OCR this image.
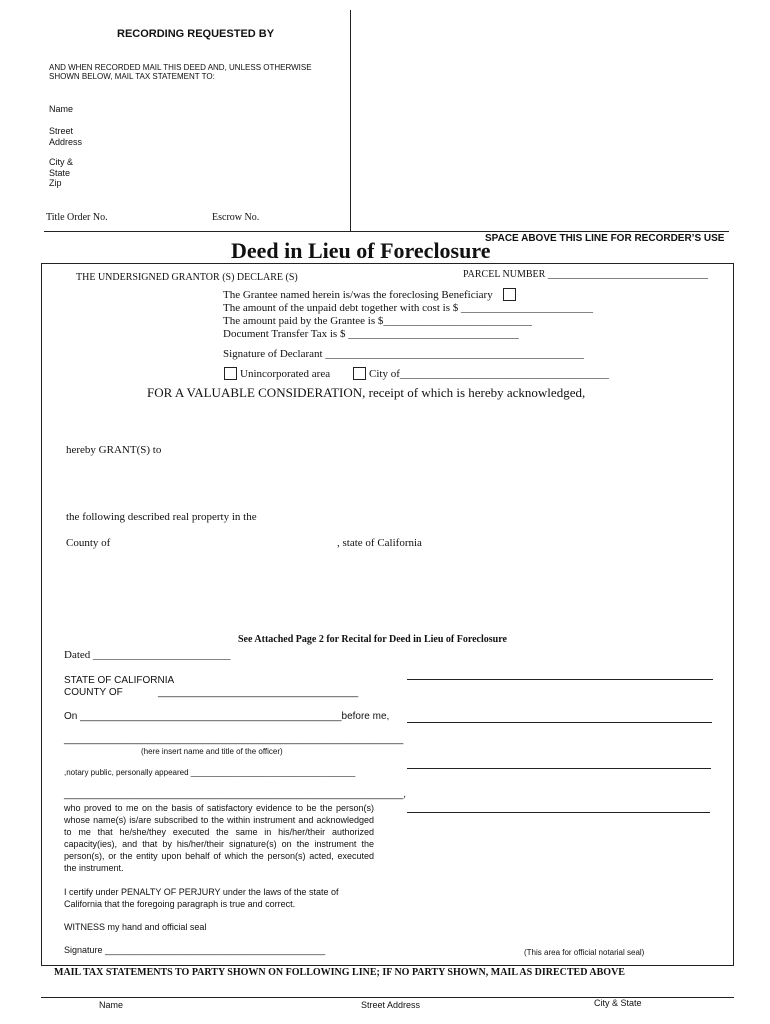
RECORDING REQUESTED BY
AND WHEN RECORDED MAIL THIS DEED AND, UNLESS OTHERWISE
SHOWN BELOW, MAIL TAX STATEMENT TO:
Name
Street
Address
City &
State
Zip
Title Order No.	Escrow No.
SPACE ABOVE THIS LINE FOR RECORDER’S USE
Deed in Lieu of Foreclosure
THE UNDERSIGNED GRANTOR (S) DECLARE (S)	PARCEL NUMBER ________________________________
The Grantee named herein is/was the foreclosing Beneficiary
The amount of the unpaid debt together with cost is $ ________________________
The amount paid by the Grantee is $___________________________
Document Transfer Tax is $ _______________________________
Signature of Declarant _______________________________________________
Unincorporated area	City of______________________________________
FOR A VALUABLE CONSIDERATION, receipt of which is hereby acknowledged,
hereby GRANT(S) to
the following described real property in the
County of	, state of California
See Attached Page 2 for Recital for Deed in Lieu of Foreclosure
Dated _________________________
STATE OF CALIFORNIA
COUNTY OF	____________________________________
On _______________________________________________before me,
_____________________________________________________________
(here insert name and title of the officer)
,notary public, personally appeared _____________________________________
_____________________________________________________________,
who proved to me on the basis of satisfactory evidence to be the person(s) whose name(s) is/are subscribed to the within instrument and acknowledged to me that he/she/they executed the same in his/her/their authorized capacity(ies), and that by his/her/their signature(s) on the instrument the person(s), or the entity upon behalf of which the person(s) acted, executed the instrument.
I certify under PENALTY OF PERJURY under the laws of the state of California that the foregoing paragraph is true and correct.
WITNESS my hand and official seal
Signature ____________________________________________	(This area for official notarial seal)
MAIL TAX STATEMENTS TO PARTY SHOWN ON FOLLOWING LINE; IF NO PARTY SHOWN, MAIL AS DIRECTED ABOVE
Name	Street Address	City & State
